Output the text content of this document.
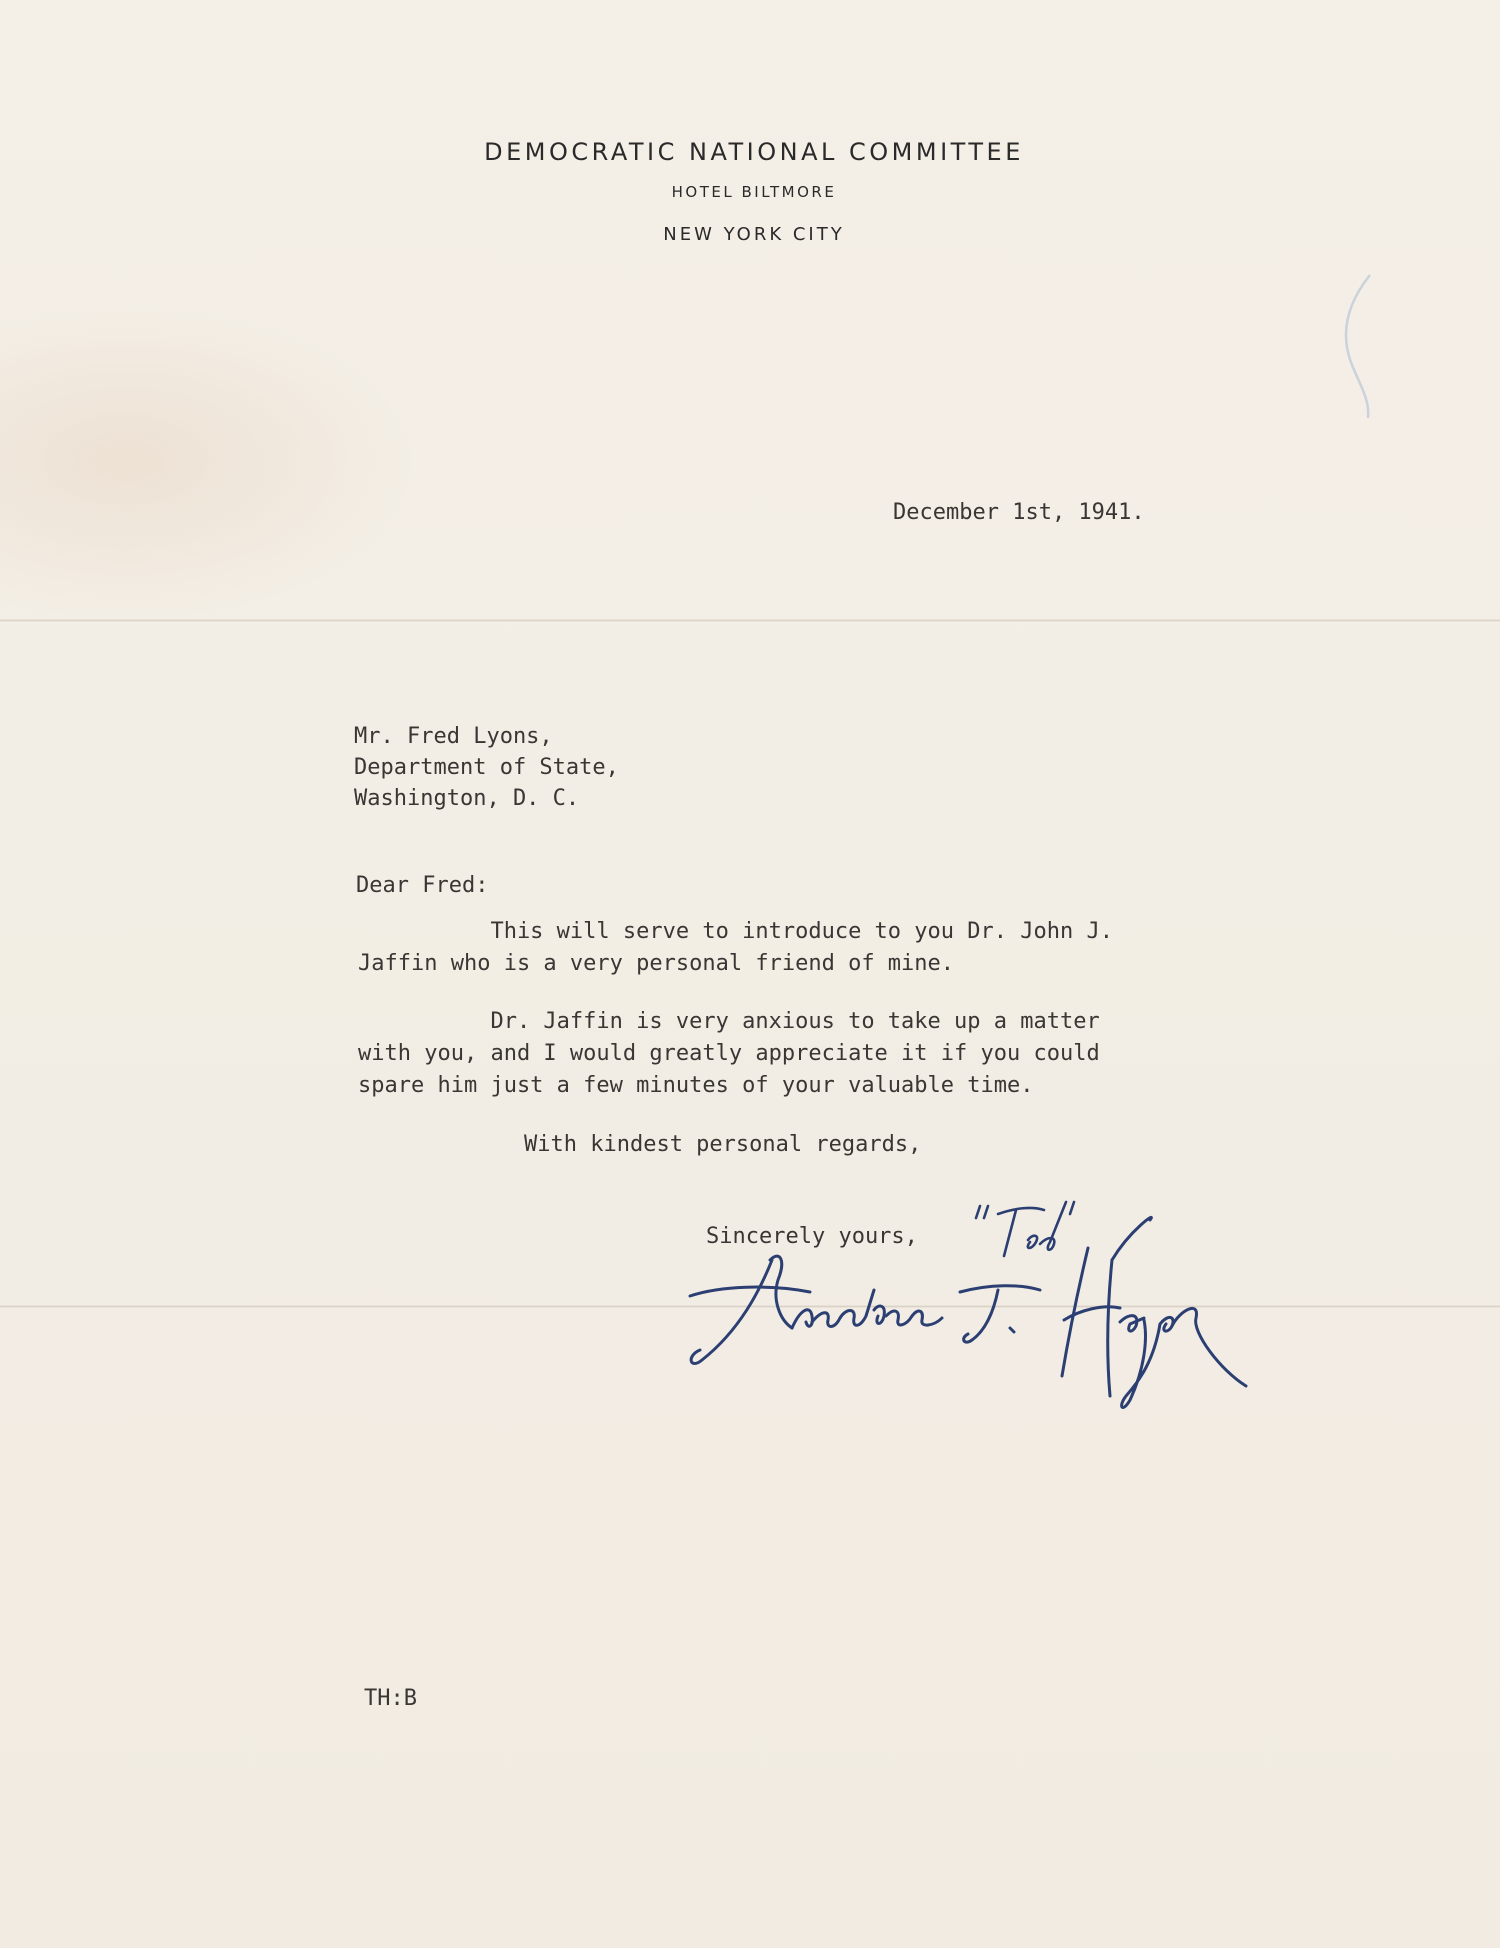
DEMOCRATIC NATIONAL COMMITTEE
HOTEL BILTMORE
NEW YORK CITY
December 1st, 1941.
Mr. Fred Lyons,
Department of State,
Washington, D. C.
Dear Fred:
This will serve to introduce to you Dr. John J.
Jaffin who is a very personal friend of mine.
Dr. Jaffin is very anxious to take up a matter
with you, and I would greatly appreciate it if you could
spare him just a few minutes of your valuable time.
With kindest personal regards,
Sincerely yours,
TH:B
